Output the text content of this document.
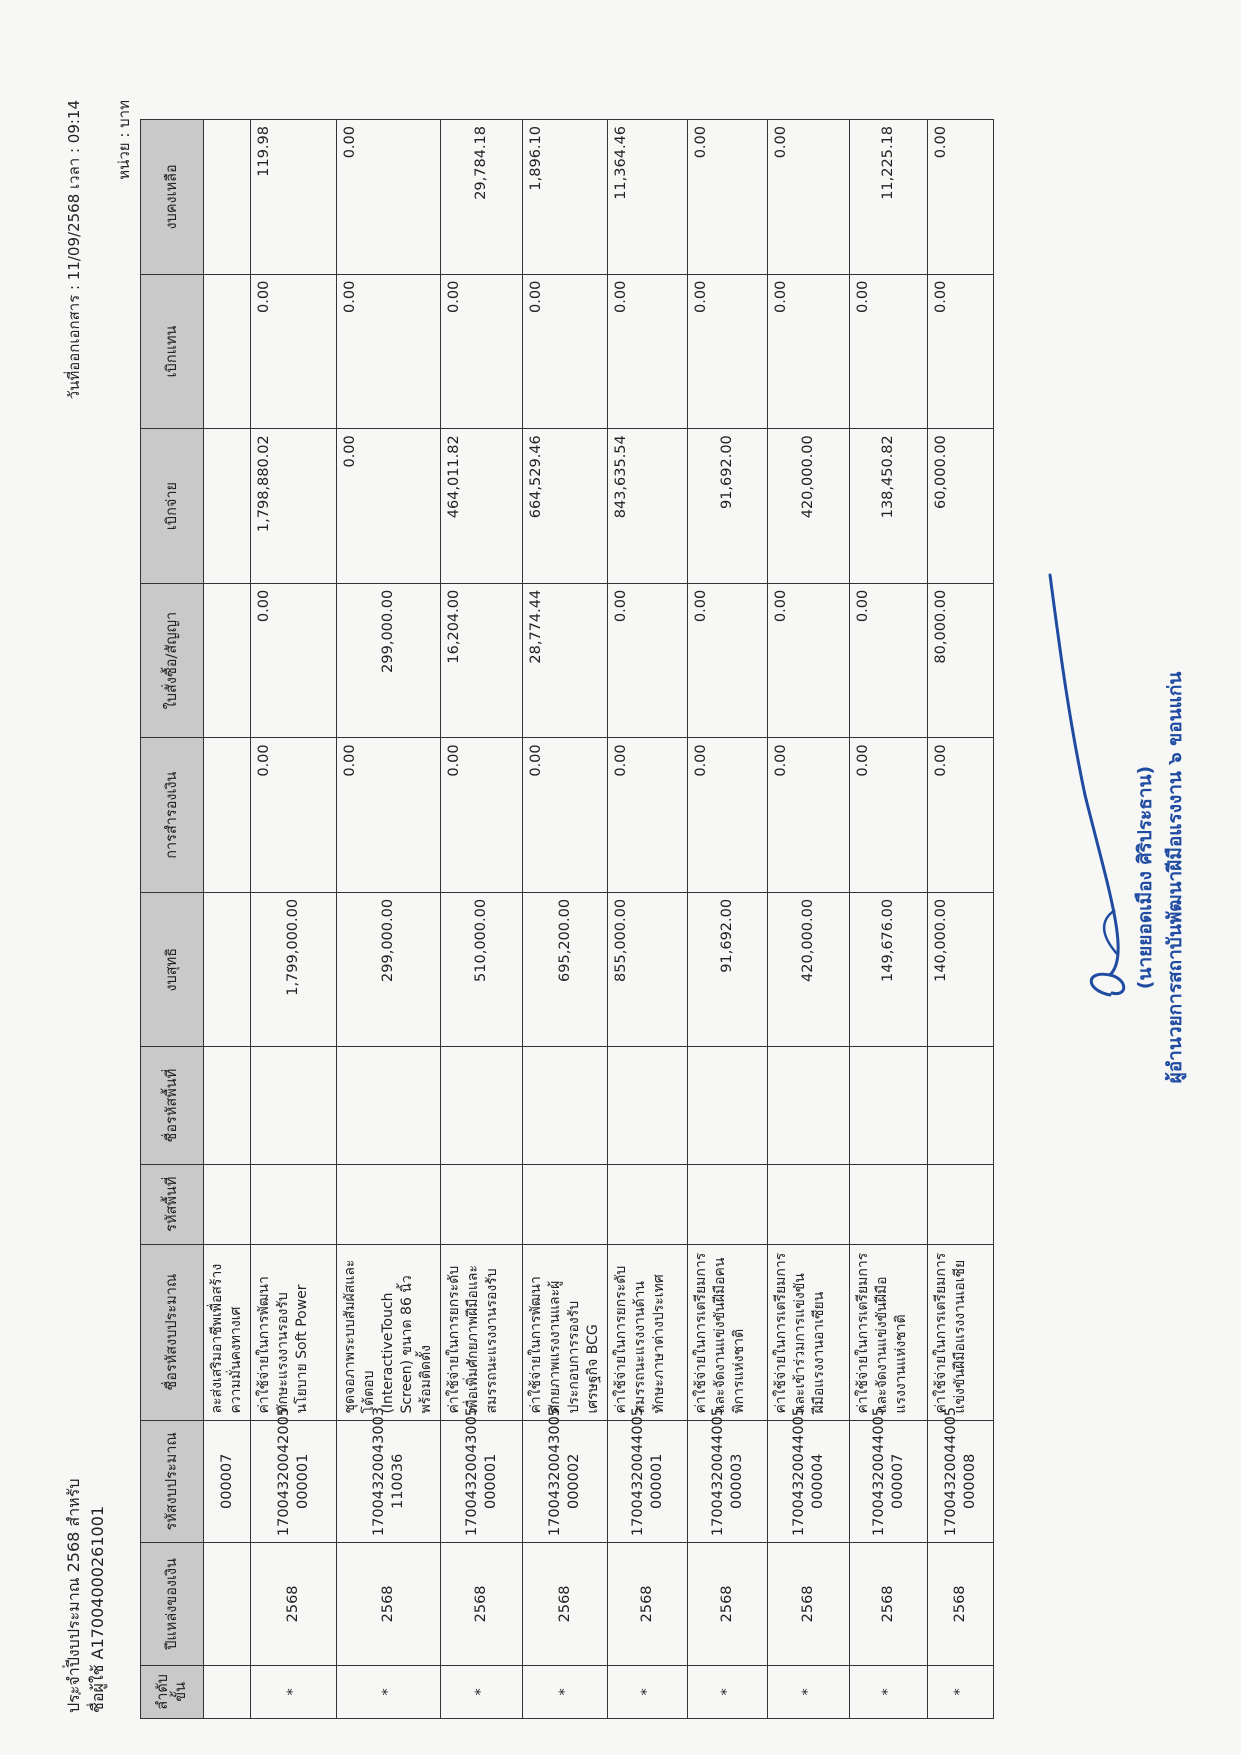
ประจำปีงบประมาณ 2568 สำหรับ ชื่อผู้ใช้ A17004000261001
วันที่ออกเอกสาร : 11/09/2568 เวลา : 09:14 หน่วย : บาท
ลำดับขั้น	ปีแหล่งของเงิน	รหัสงบประมาณ	ชื่อรหัสงบประมาณ	รหัสพื้นที่	ชื่อรหัสพื้นที่	งบสุทธิ	การสำรองเงิน	ใบสั่งซื้อ/สัญญา	เบิกจ่าย	เบิกแทน	งบคงเหลือ
		000007	ละส่งเสริมอาชีพเพื่อสร้างความมั่นคงทางเศ								
*	2568	17004320042005 000001	ค่าใช้จ่ายในการพัฒนาทักษะแรงงานรองรับนโยบาย Soft Power			1,799,000.00	0.00	0.00	1,798,880.02	0.00	119.98
*	2568	17004320043003 110036	ชุดจอภาพระบบสัมผัสและโต้ตอบ (InteractiveTouch Screen) ขนาด 86 นิ้ว พร้อมติดตั้ง			299,000.00	0.00	299,000.00	0.00	0.00	0.00
*	2568	17004320043005 000001	ค่าใช้จ่ายในการยกระดับเพื่อเพิ่มศักยภาพฝีมือและสมรรถนะแรงงานรองรับ			510,000.00	0.00	16,204.00	464,011.82	0.00	29,784.18
*	2568	17004320043005 000002	ค่าใช้จ่ายในการพัฒนาศักยภาพแรงงานและผู้ประกอบการรองรับเศรษฐกิจ BCG			695,200.00	0.00	28,774.44	664,529.46	0.00	1,896.10
*	2568	17004320044005 000001	ค่าใช้จ่ายในการยกระดับสมรรถนะแรงงานด้านทักษะภาษาต่างประเทศ			855,000.00	0.00	0.00	843,635.54	0.00	11,364.46
*	2568	17004320044005 000003	ค่าใช้จ่ายในการเตรียมการและจัดงานแข่งขันฝีมือคนพิการแห่งชาติ			91,692.00	0.00	0.00	91,692.00	0.00	0.00
*	2568	17004320044005 000004	ค่าใช้จ่ายในการเตรียมการและเข้าร่วมการแข่งขันฝีมือแรงงานอาเซียน			420,000.00	0.00	0.00	420,000.00	0.00	0.00
*	2568	17004320044005 000007	ค่าใช้จ่ายในการเตรียมการและจัดงานแข่งขันฝีมือแรงงานแห่งชาติ			149,676.00	0.00	0.00	138,450.82	0.00	11,225.18
*	2568	17004320044005 000008	ค่าใช้จ่ายในการเตรียมการแข่งขันฝีมือแรงงานเอเชีย			140,000.00	0.00	80,000.00	60,000.00	0.00	0.00
(นายยอดเมือง ศิริประธาน) ผู้อำนวยการสถาบันพัฒนาฝีมือแรงงาน ๖ ขอนแก่น
